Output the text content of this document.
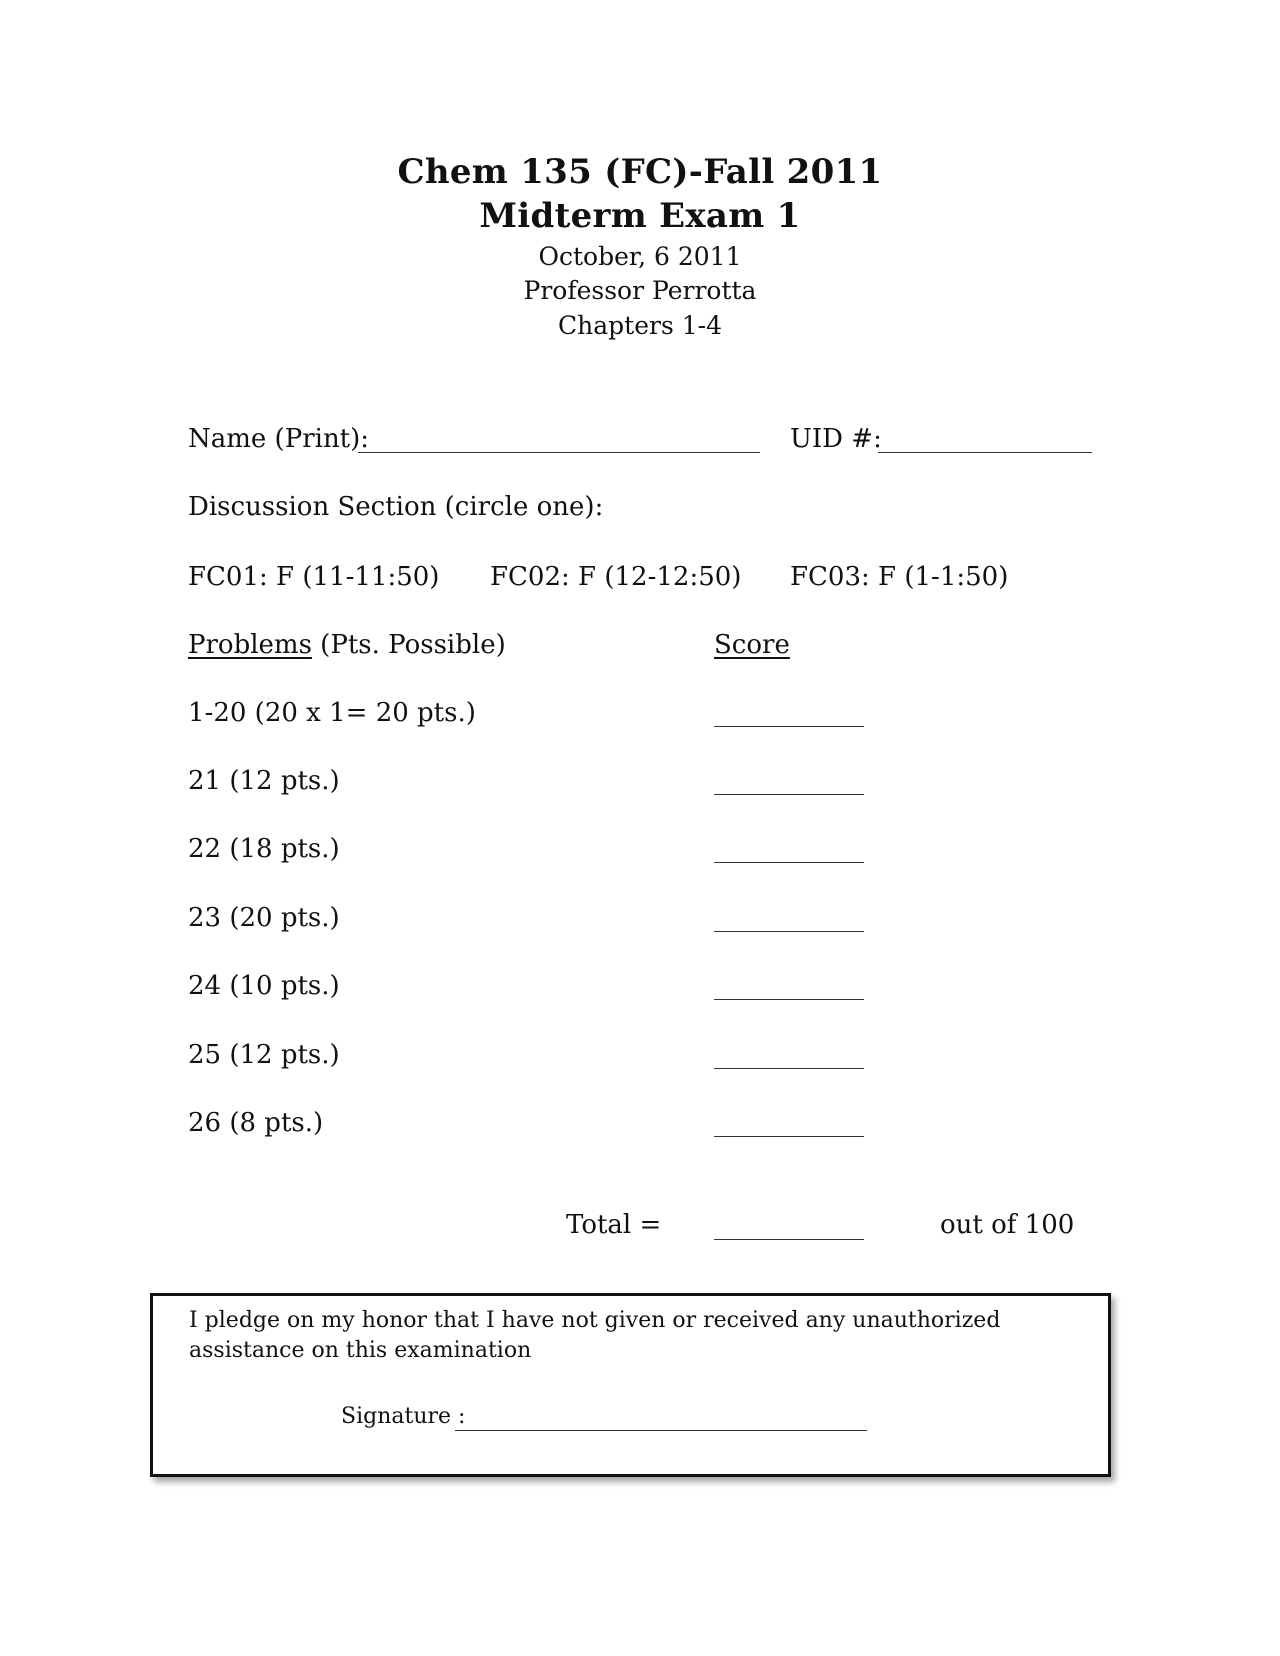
Chem 135 (FC)-Fall 2011
Midterm Exam 1
October, 6 2011
Professor Perrotta
Chapters 1-4
Name (Print):	UID #:
Discussion Section (circle one):
FC01: F (11-11:50) FC02: F (12-12:50) FC03: F (1-1:50)
Problems (Pts. Possible)	Score
1-20 (20 x 1= 20 pts.)
21 (12 pts.)
22 (18 pts.)
23 (20 pts.)
24 (10 pts.)
25 (12 pts.)
26 (8 pts.)
Total =	out of 100
I pledge on my honor that I have not given or received any unauthorized assistance on this examination
Signature :
